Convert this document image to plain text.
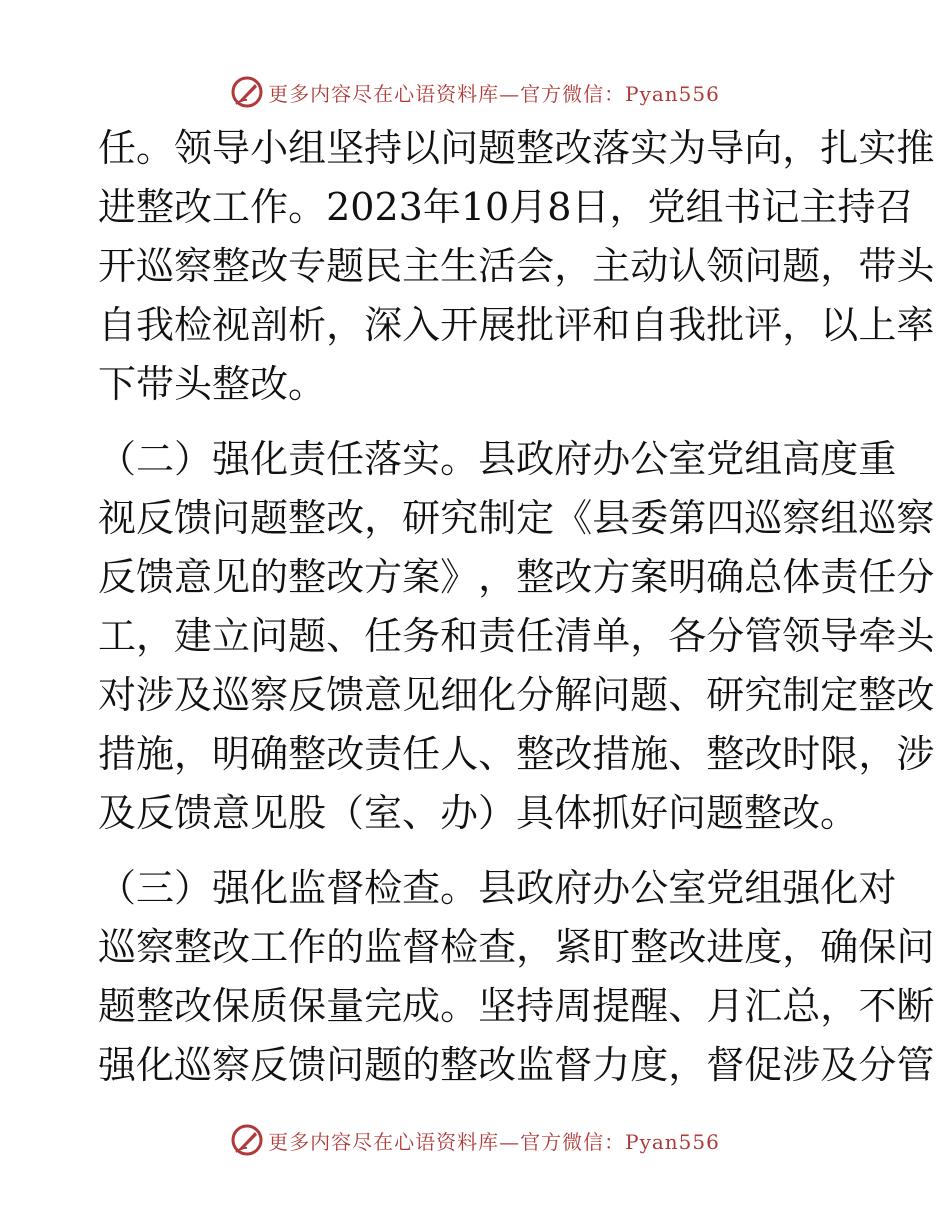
更多内容尽在心语资料库—官方微信：Pyan556
任 。 领 导 小 组 坚 持 以 问 题 整 改 落 实 为 导 向 ， 扎 实 推
进 整 改 工 作 。 2 0 2 3 年 1 0 月 8 日 ， 党 组 书 记 主 持 召
开 巡 察 整 改 专 题 民 主 生 活 会 ， 主 动 认 领 问 题 ， 带 头
自 我 检 视 剖 析 ， 深 入 开 展 批 评 和 自 我 批 评 ， 以 上 率
下带头整改。
（ 二 ） 强 化 责 任 落 实 。 县 政 府 办 公 室 党 组 高 度 重
视 反 馈 问 题 整 改 ， 研 究 制 定 《 县 委 第 四 巡 察 组 巡 察
反 馈 意 见 的 整 改 方 案 》 ， 整 改 方 案 明 确 总 体 责 任 分
工 ， 建 立 问 题 、 任 务 和 责 任 清 单 ， 各 分 管 领 导 牵 头
对 涉 及 巡 察 反 馈 意 见 细 化 分 解 问 题 、 研 究 制 定 整 改
措 施 ， 明 确 整 改 责 任 人 、 整 改 措 施 、 整 改 时 限 ， 涉
及反馈意见股（室、办）具体抓好问题整改。
（ 三 ） 强 化 监 督 检 查 。 县 政 府 办 公 室 党 组 强 化 对
巡 察 整 改 工 作 的 监 督 检 查 ， 紧 盯 整 改 进 度 ， 确 保 问
题 整 改 保 质 保 量 完 成 。 坚 持 周 提 醒 、 月 汇 总 ， 不 断
强 化 巡 察 反 馈 问 题 的 整 改 监 督 力 度 ， 督 促 涉 及 分 管
更多内容尽在心语资料库—官方微信：Pyan556
